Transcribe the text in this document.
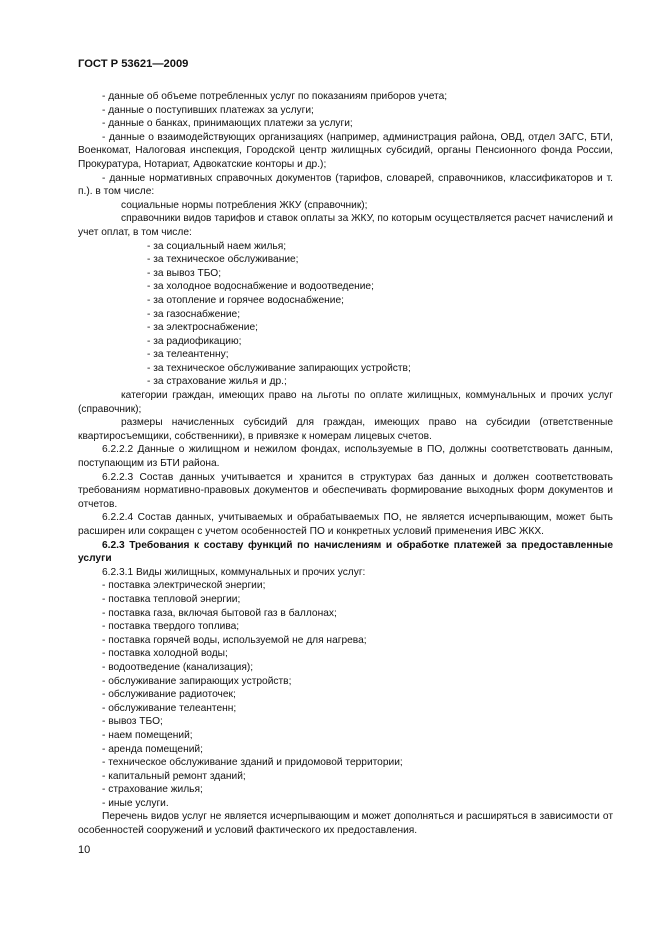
ГОСТ Р 53621—2009

- данные об объеме потребленных услуг по показаниям приборов учета;

- данные о поступивших платежах за услуги;

- данные о банках, принимающих платежи за услуги;

- данные о взаимодействующих организациях (например, администрация района, ОВД, отдел ЗАГС, БТИ, Военкомат, Налоговая инспекция, Городской центр жилищных субсидий, органы Пенсионного фонда России, Прокуратура, Нотариат, Адвокатские конторы и др.);

- данные нормативных справочных документов (тарифов, словарей, справочников, классификаторов и т. п.). в том числе:

социальные нормы потребления ЖКУ (справочник);

справочники видов тарифов и ставок оплаты за ЖКУ, по которым осуществляется расчет начислений и учет оплат, в том числе:

- за социальный наем жилья;

- за техническое обслуживание;

- за вывоз ТБО;

- за холодное водоснабжение и водоотведение;

- за отопление и горячее водоснабжение;

- за газоснабжение;

- за электроснабжение;

- за радиофикацию;

- за телеантенну;

- за техническое обслуживание запирающих устройств;

- за страхование жилья и др.;

категории граждан, имеющих право на льготы по оплате жилищных, коммунальных и прочих услуг (справочник);

размеры начисленных субсидий для граждан, имеющих право на субсидии (ответственные квартиросъемщики, собственники), в привязке к номерам лицевых счетов.

6.2.2.2 Данные о жилищном и нежилом фондах, используемые в ПО, должны соответствовать данным, поступающим из БТИ района.

6.2.2.3 Состав данных учитывается и хранится в структурах баз данных и должен соответствовать требованиям нормативно-правовых документов и обеспечивать формирование выходных форм документов и отчетов.

6.2.2.4 Состав данных, учитываемых и обрабатываемых ПО, не является исчерпывающим, может быть расширен или сокращен с учетом особенностей ПО и конкретных условий применения ИВС ЖКХ.

6.2.3 Требования к составу функций по начислениям и обработке платежей за предоставленные услуги

6.2.3.1 Виды жилищных, коммунальных и прочих услуг:

- поставка электрической энергии;

- поставка тепловой энергии;

- поставка газа, включая бытовой газ в баллонах;

- поставка твердого топлива;

- поставка горячей воды, используемой не для нагрева;

- поставка холодной воды;

- водоотведение (канализация);

- обслуживание запирающих устройств;

- обслуживание радиоточек;

- обслуживание телеантенн;

- вывоз ТБО;

- наем помещений;

- аренда помещений;

- техническое обслуживание зданий и придомовой территории;

- капитальный ремонт зданий;

- страхование жилья;

- иные услуги.

Перечень видов услуг не является исчерпывающим и может дополняться и расширяться в зависимости от особенностей сооружений и условий фактического их предоставления.

10
